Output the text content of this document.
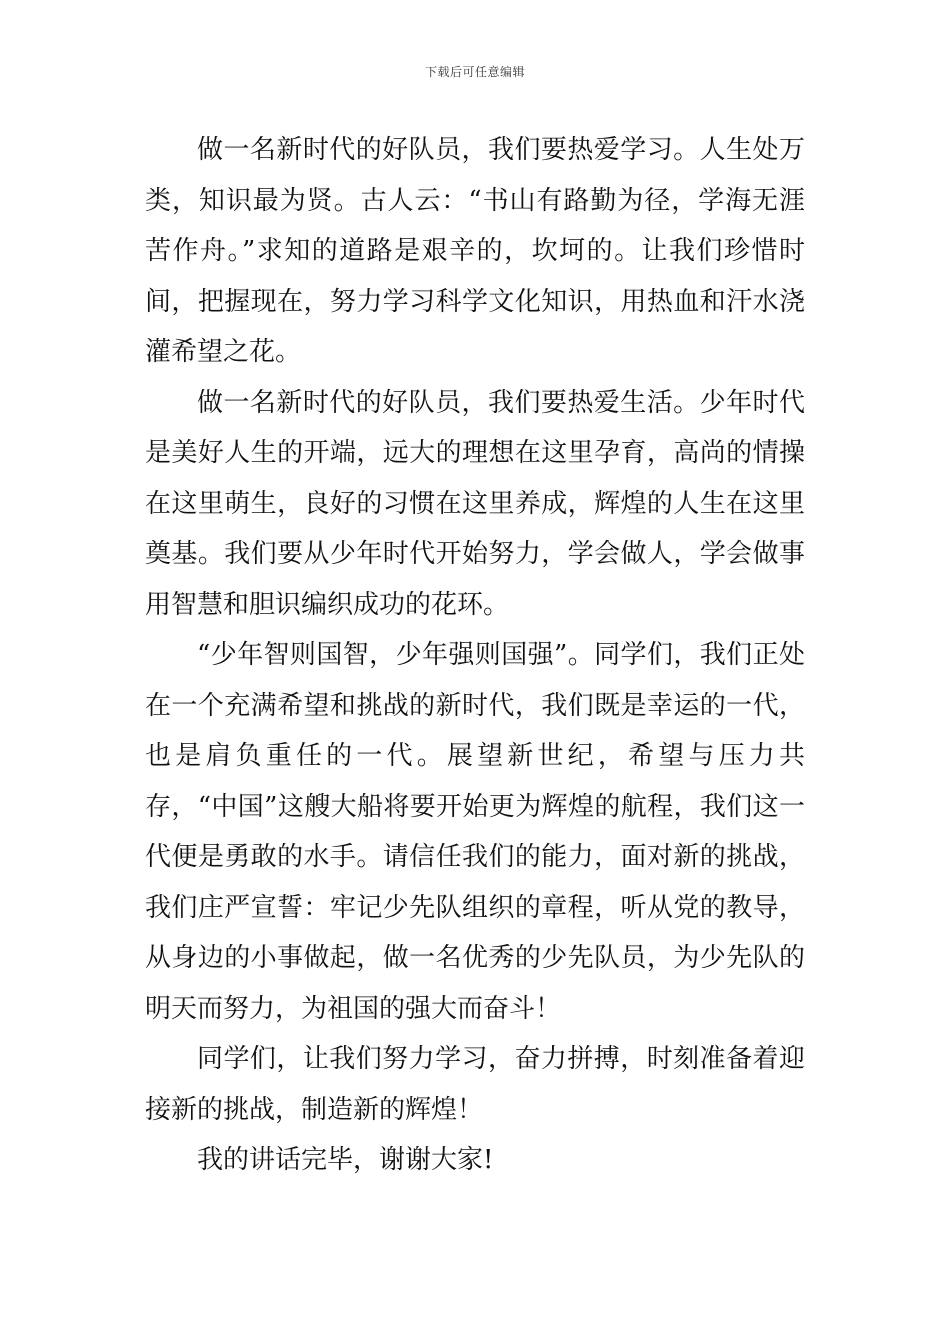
下载后可任意编辑

做一名新时代的好队员，我们要热爱学习。人生处万类，知识最为贤。古人云：“书山有路勤为径，学海无涯苦作舟。”求知的道路是艰辛的，坎坷的。让我们珍惜时间，把握现在，努力学习科学文化知识，用热血和汗水浇灌希望之花。

做一名新时代的好队员，我们要热爱生活。少年时代是美好人生的开端，远大的理想在这里孕育，高尚的情操在这里萌生，良好的习惯在这里养成，辉煌的人生在这里奠基。我们要从少年时代开始努力，学会做人，学会做事用智慧和胆识编织成功的花环。

“少年智则国智，少年强则国强”。同学们，我们正处在一个充满希望和挑战的新时代，我们既是幸运的一代，也是肩负重任的一代。展望新世纪，希望与压力共存，“中国”这艘大船将要开始更为辉煌的航程，我们这一代便是勇敢的水手。请信任我们的能力，面对新的挑战，我们庄严宣誓：牢记少先队组织的章程，听从党的教导，从身边的小事做起，做一名优秀的少先队员，为少先队的明天而努力，为祖国的强大而奋斗！

同学们，让我们努力学习，奋力拼搏，时刻准备着迎接新的挑战，制造新的辉煌！

我的讲话完毕，谢谢大家!
